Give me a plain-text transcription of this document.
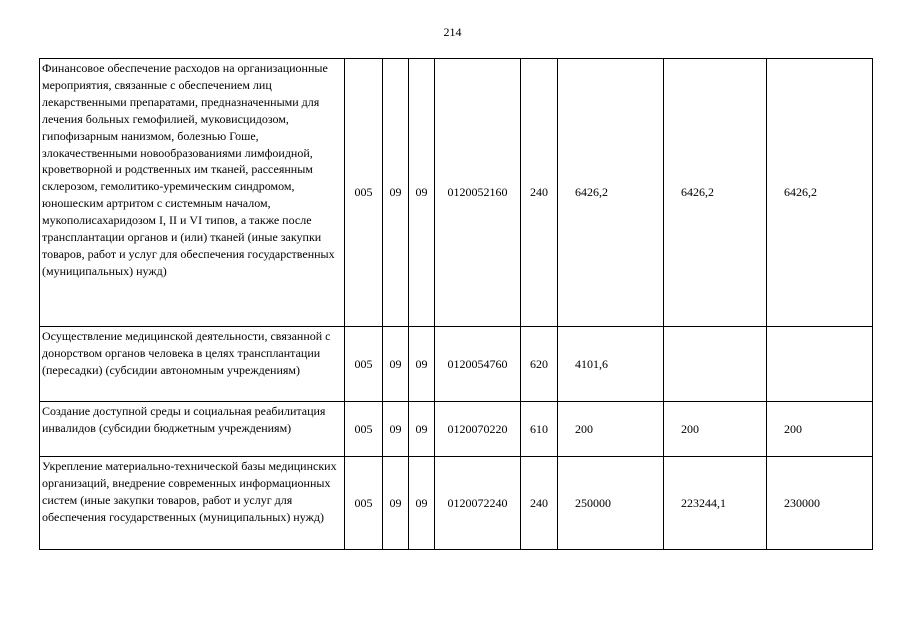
214
Финансовое обеспечение расходов на организационные мероприятия, связанные с обеспечением лиц лекарственными препаратами, предназначенными для лечения больных гемофилией, муковисцидозом, гипофизарным нанизмом, болезнью Гоше, злокачественными новообразованиями лимфоидной, кроветворной и родственных им тканей, рассеянным склерозом, гемолитико-уремическим синдромом, юношеским артритом с системным началом, мукополисахаридозом I, II и VI типов, а также после трансплантации органов и (или) тканей (иные закупки товаров, работ и услуг для обеспечения государственных (муниципальных) нужд)	005	09	09	0120052160	240	6426,2	6426,2	6426,2
Осуществление медицинской деятельности, связанной с донорством органов человека в целях трансплантации (пересадки) (субсидии автономным учреждениям)	005	09	09	0120054760	620	4101,6		
Создание доступной среды и социальная реабилитация инвалидов (субсидии бюджетным учреждениям)	005	09	09	0120070220	610	200	200	200
Укрепление материально-технической базы медицинских организаций, внедрение современных информационных систем (иные закупки товаров, работ и услуг для обеспечения государственных (муниципальных) нужд)	005	09	09	0120072240	240	250000	223244,1	230000
